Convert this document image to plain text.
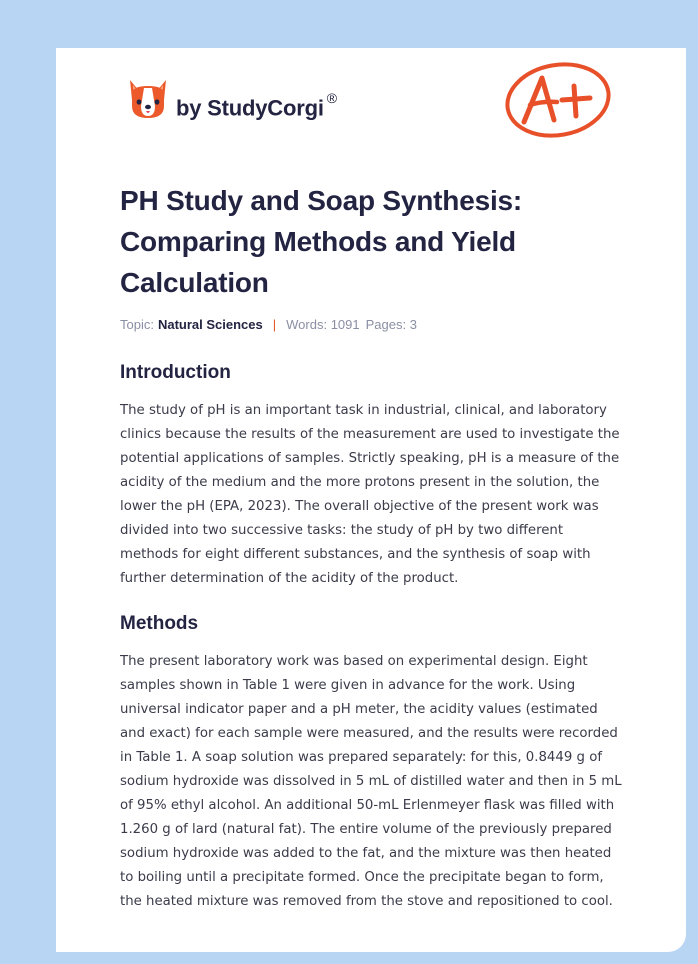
by StudyCorgi ®	A+
PH Study and Soap Synthesis: Comparing Methods and Yield Calculation
Topic: Natural Sciences | Words: 1091 Pages: 3
Introduction

The study of pH is an important task in industrial, clinical, and laboratory clinics because the results of the measurement are used to investigate the potential applications of samples. Strictly speaking, pH is a measure of the acidity of the medium and the more protons present in the solution, the lower the pH (EPA, 2023). The overall objective of the present work was divided into two successive tasks: the study of pH by two different methods for eight different substances, and the synthesis of soap with further determination of the acidity of the product.

Methods

The present laboratory work was based on experimental design. Eight samples shown in Table 1 were given in advance for the work. Using universal indicator paper and a pH meter, the acidity values (estimated and exact) for each sample were measured, and the results were recorded in Table 1. A soap solution was prepared separately: for this, 0.8449 g of sodium hydroxide was dissolved in 5 mL of distilled water and then in 5 mL of 95% ethyl alcohol. An additional 50-mL Erlenmeyer flask was filled with 1.260 g of lard (natural fat). The entire volume of the previously prepared sodium hydroxide was added to the fat, and the mixture was then heated to boiling until a precipitate formed. Once the precipitate began to form, the heated mixture was removed from the stove and repositioned to cool.
